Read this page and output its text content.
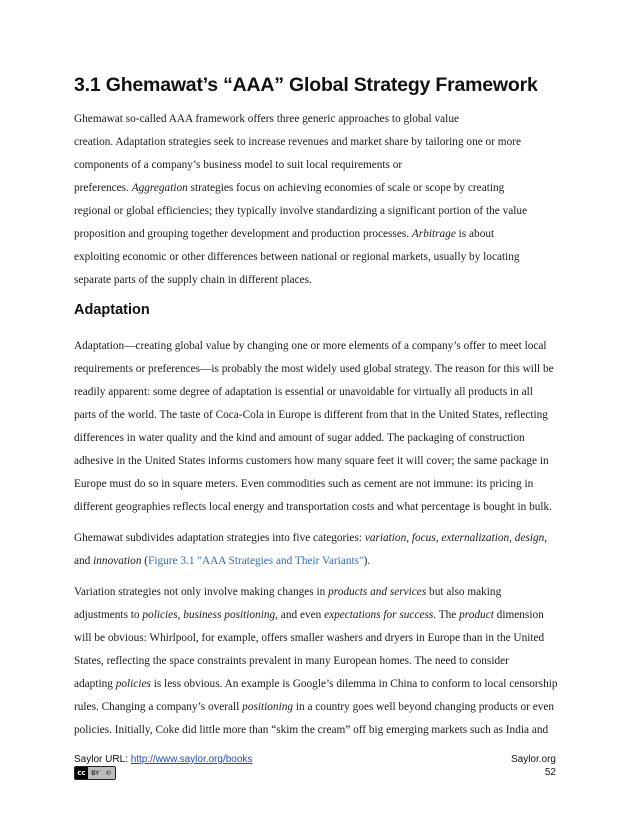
3.1 Ghemawat’s “AAA” Global Strategy Framework
Ghemawat so-called AAA framework offers three generic approaches to global value
creation. Adaptation strategies seek to increase revenues and market share by tailoring one or more
components of a company’s business model to suit local requirements or
preferences. Aggregation strategies focus on achieving economies of scale or scope by creating
regional or global efficiencies; they typically involve standardizing a significant portion of the value
proposition and grouping together development and production processes. Arbitrage is about
exploiting economic or other differences between national or regional markets, usually by locating
separate parts of the supply chain in different places.
Adaptation
Adaptation—creating global value by changing one or more elements of a company’s offer to meet local
requirements or preferences—is probably the most widely used global strategy. The reason for this will be
readily apparent: some degree of adaptation is essential or unavoidable for virtually all products in all
parts of the world. The taste of Coca-Cola in Europe is different from that in the United States, reflecting
differences in water quality and the kind and amount of sugar added. The packaging of construction
adhesive in the United States informs customers how many square feet it will cover; the same package in
Europe must do so in square meters. Even commodities such as cement are not immune: its pricing in
different geographies reflects local energy and transportation costs and what percentage is bought in bulk.
Ghemawat subdivides adaptation strategies into five categories: variation, focus, externalization, design,
and innovation (Figure 3.1 "AAA Strategies and Their Variants").
Variation strategies not only involve making changes in products and services but also making
adjustments to policies, business positioning, and even expectations for success. The product dimension
will be obvious: Whirlpool, for example, offers smaller washers and dryers in Europe than in the United
States, reflecting the space constraints prevalent in many European homes. The need to consider
adapting policies is less obvious. An example is Google’s dilemma in China to conform to local censorship
rules. Changing a company’s overall positioning in a country goes well beyond changing products or even
policies. Initially, Coke did little more than “skim the cream” off big emerging markets such as India and
Saylor URL: http://www.saylor.org/books	Saylor.org
52
cc BY ©
